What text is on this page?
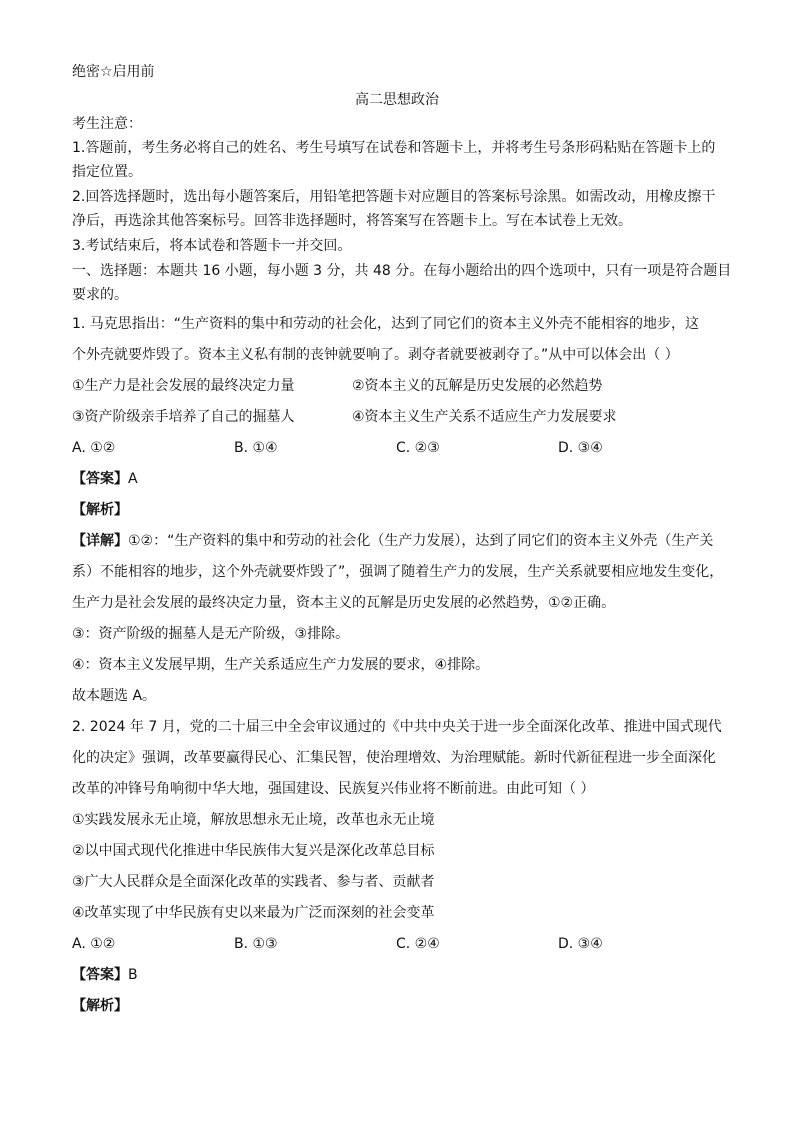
绝密☆启用前
高二思想政治
考生注意：
1.答题前，考生务必将自己的姓名、考生号填写在试卷和答题卡上，并将考生号条形码粘贴在答题卡上的
指定位置。
2.回答选择题时，选出每小题答案后，用铅笔把答题卡对应题目的答案标号涂黑。如需改动，用橡皮擦干
净后，再选涂其他答案标号。回答非选择题时，将答案写在答题卡上。写在本试卷上无效。
3.考试结束后，将本试卷和答题卡一并交回。
一、选择题：本题共 16 小题，每小题 3 分，共 48 分。在每小题给出的四个选项中，只有一项是符合题目
要求的。
1. 马克思指出：“生产资料的集中和劳动的社会化，达到了同它们的资本主义外壳不能相容的地步，这
个外壳就要炸毁了。资本主义私有制的丧钟就要响了。剥夺者就要被剥夺了。”从中可以体会出（ ）
①生产力是社会发展的最终决定力量	②资本主义的瓦解是历史发展的必然趋势
③资产阶级亲手培养了自己的掘墓人	④资本主义生产关系不适应生产力发展要求
A. ①②	B. ①④	C. ②③	D. ③④
【答案】A
【解析】
【详解】①②：“生产资料的集中和劳动的社会化（生产力发展），达到了同它们的资本主义外壳（生产关
系）不能相容的地步，这个外壳就要炸毁了”，强调了随着生产力的发展，生产关系就要相应地发生变化，
生产力是社会发展的最终决定力量，资本主义的瓦解是历史发展的必然趋势，①②正确。
③：资产阶级的掘墓人是无产阶级，③排除。
④：资本主义发展早期，生产关系适应生产力发展的要求，④排除。
故本题选 A。
2. 2024 年 7 月，党的二十届三中全会审议通过的《中共中央关于进一步全面深化改革、推进中国式现代
化的决定》强调，改革要赢得民心、汇集民智，使治理增效、为治理赋能。新时代新征程进一步全面深化
改革的冲锋号角响彻中华大地，强国建设、民族复兴伟业将不断前进。由此可知（ ）
①实践发展永无止境，解放思想永无止境，改革也永无止境
②以中国式现代化推进中华民族伟大复兴是深化改革总目标
③广大人民群众是全面深化改革的实践者、参与者、贡献者
④改革实现了中华民族有史以来最为广泛而深刻的社会变革
A. ①②	B. ①③	C. ②④	D. ③④
【答案】B
【解析】
